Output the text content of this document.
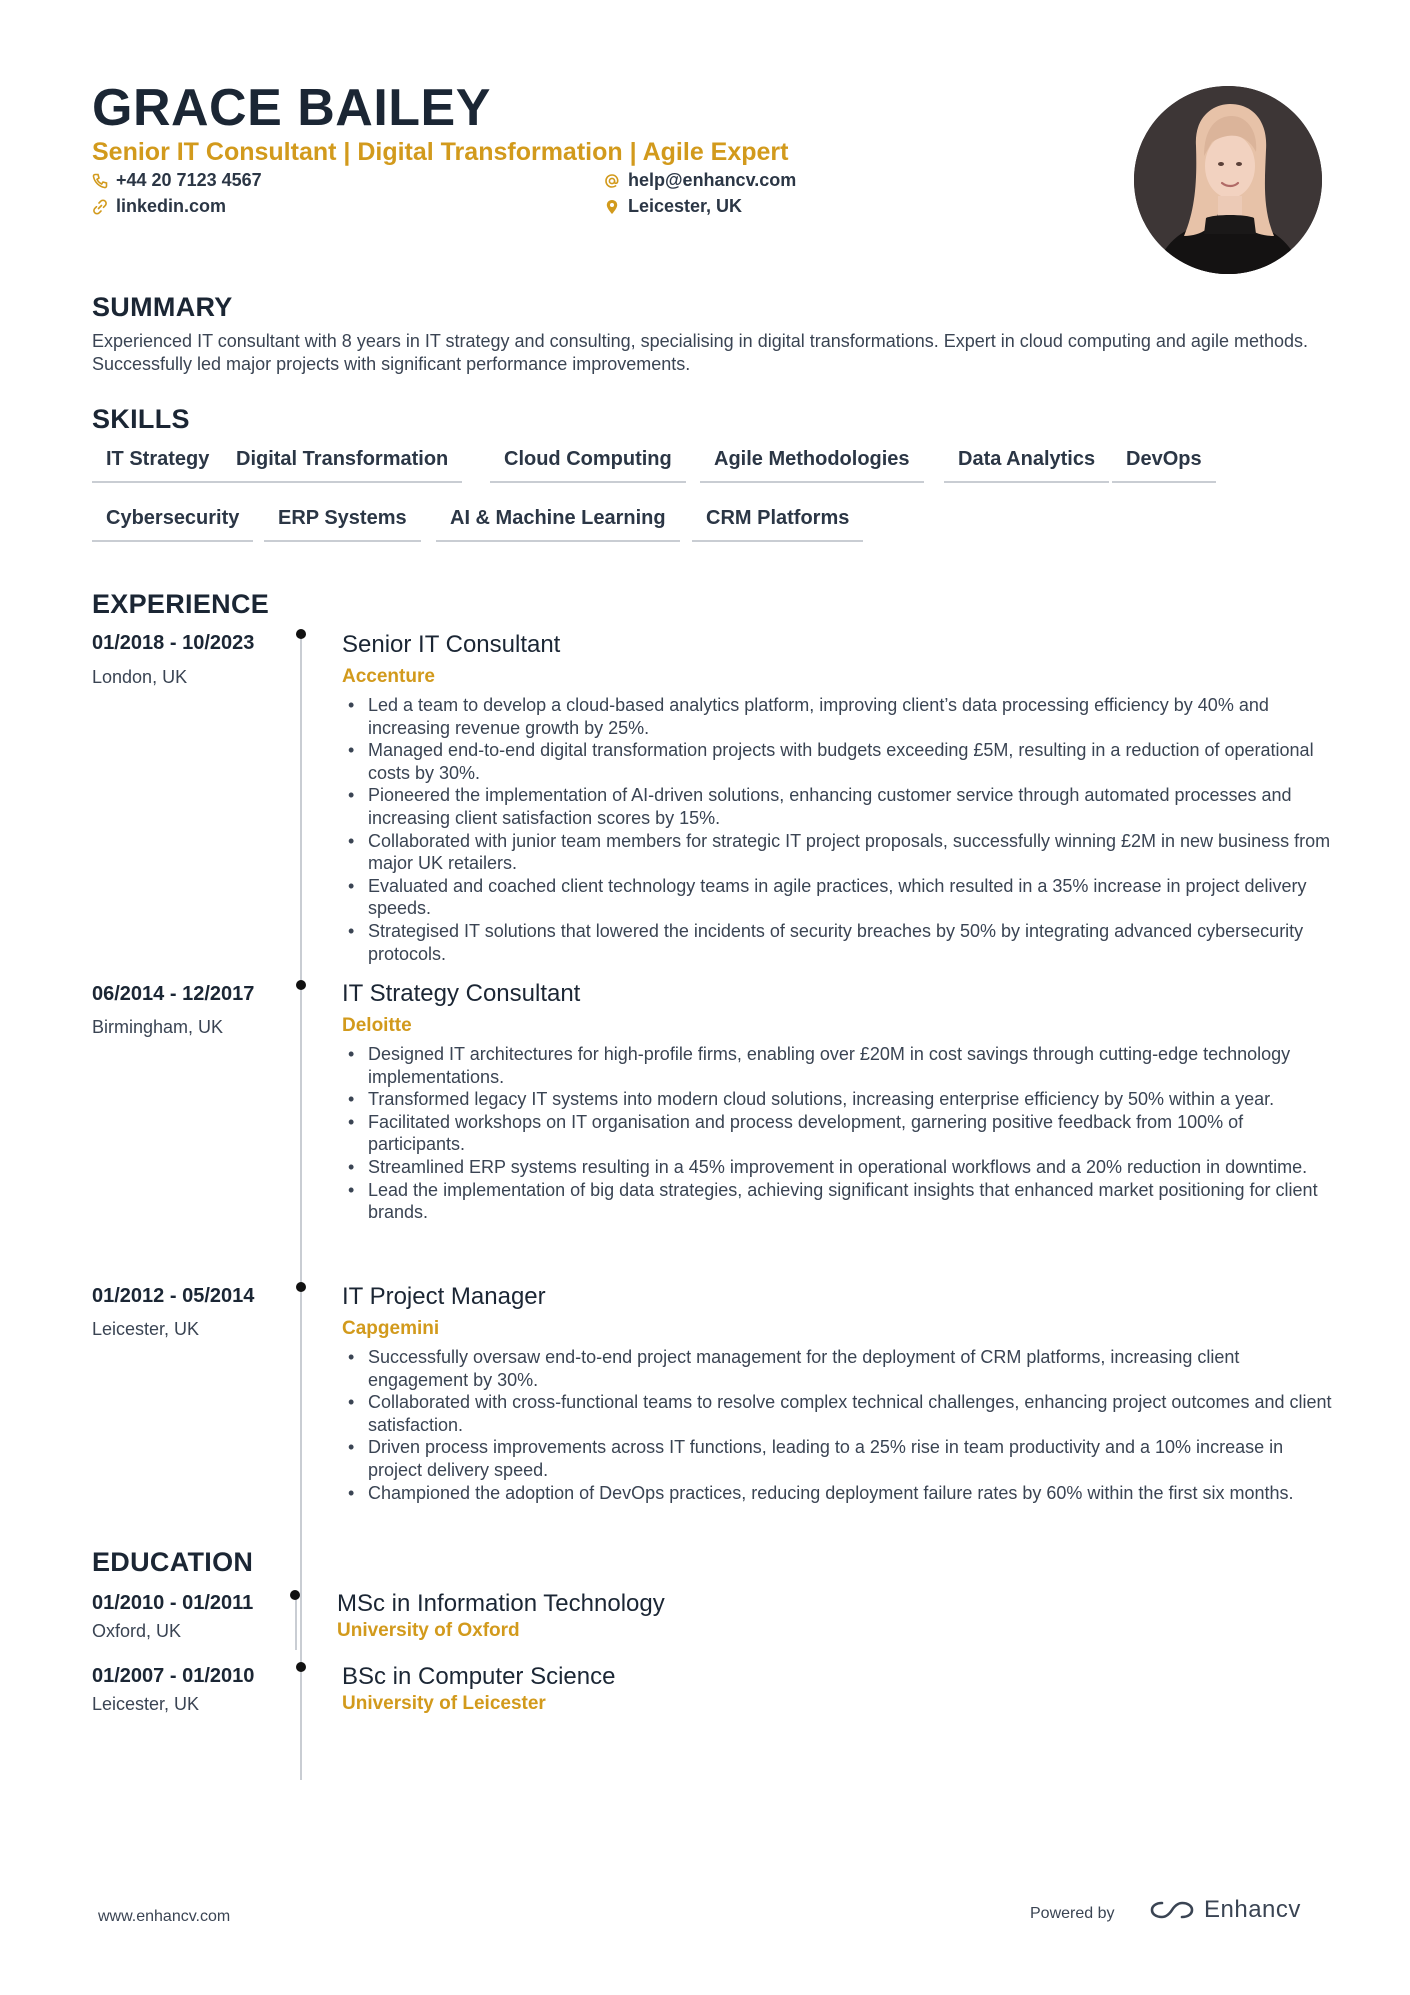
GRACE BAILEY
Senior IT Consultant | Digital Transformation | Agile Expert
+44 20 7123 4567
linkedin.com
help@enhancv.com
Leicester, UK
SUMMARY
Experienced IT consultant with 8 years in IT strategy and consulting, specialising in digital transformations. Expert in cloud computing and agile methods. Successfully led major projects with significant performance improvements.
SKILLS
IT Strategy	Digital Transformation	Cloud Computing	Agile Methodologies	Data Analytics	DevOps
Cybersecurity	ERP Systems	AI & Machine Learning	CRM Platforms
EXPERIENCE
01/2018 - 10/2023
London, UK
Senior IT Consultant
Accenture
• Led a team to develop a cloud-based analytics platform, improving client’s data processing efficiency by 40% and increasing revenue growth by 25%.
• Managed end-to-end digital transformation projects with budgets exceeding £5M, resulting in a reduction of operational costs by 30%.
• Pioneered the implementation of AI-driven solutions, enhancing customer service through automated processes and increasing client satisfaction scores by 15%.
• Collaborated with junior team members for strategic IT project proposals, successfully winning £2M in new business from major UK retailers.
• Evaluated and coached client technology teams in agile practices, which resulted in a 35% increase in project delivery speeds.
• Strategised IT solutions that lowered the incidents of security breaches by 50% by integrating advanced cybersecurity protocols.
06/2014 - 12/2017
Birmingham, UK
IT Strategy Consultant
Deloitte
• Designed IT architectures for high-profile firms, enabling over £20M in cost savings through cutting-edge technology implementations.
• Transformed legacy IT systems into modern cloud solutions, increasing enterprise efficiency by 50% within a year.
• Facilitated workshops on IT organisation and process development, garnering positive feedback from 100% of participants.
• Streamlined ERP systems resulting in a 45% improvement in operational workflows and a 20% reduction in downtime.
• Lead the implementation of big data strategies, achieving significant insights that enhanced market positioning for client brands.
01/2012 - 05/2014
Leicester, UK
IT Project Manager
Capgemini
• Successfully oversaw end-to-end project management for the deployment of CRM platforms, increasing client engagement by 30%.
• Collaborated with cross-functional teams to resolve complex technical challenges, enhancing project outcomes and client satisfaction.
• Driven process improvements across IT functions, leading to a 25% rise in team productivity and a 10% increase in project delivery speed.
• Championed the adoption of DevOps practices, reducing deployment failure rates by 60% within the first six months.
EDUCATION
01/2010 - 01/2011
Oxford, UK
MSc in Information Technology
University of Oxford
01/2007 - 01/2010
Leicester, UK
BSc in Computer Science
University of Leicester
www.enhancv.com	Powered by	Enhancv
